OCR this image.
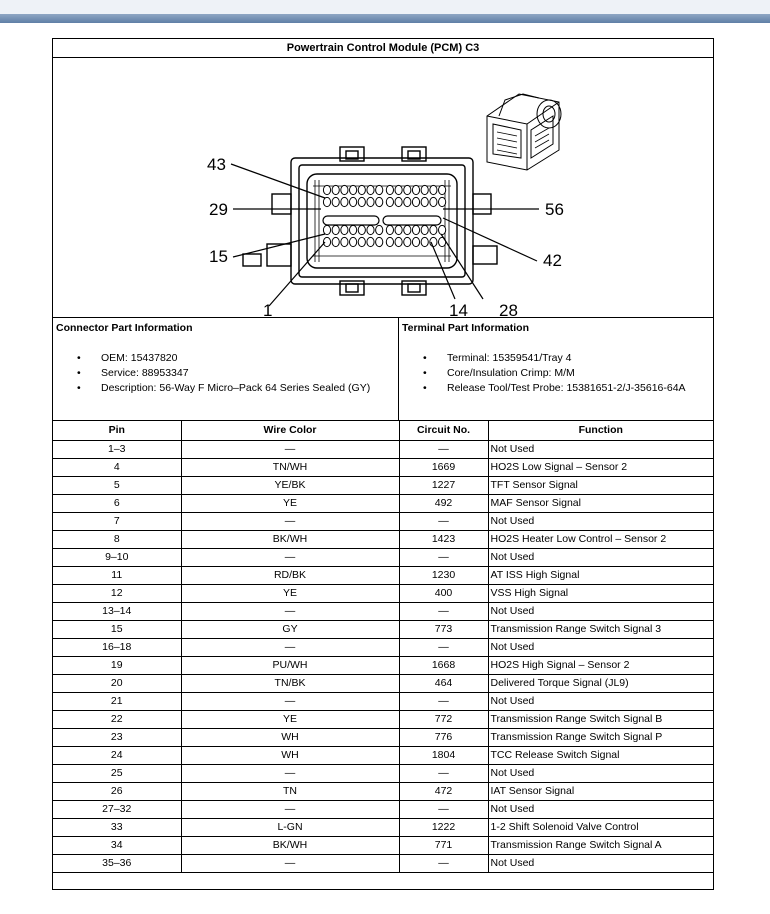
Powertrain Control Module (PCM) C3
43
29
15
1	14 28
42
56
Connector Part Information
• OEM: 15437820
• Service: 88953347
• Description: 56-Way F Micro–Pack 64 Series Sealed (GY)
Terminal Part Information
• Terminal: 15359541/Tray 4
• Core/Insulation Crimp: M/M
• Release Tool/Test Probe: 15381651-2/J-35616-64A
Pin	Wire Color	Circuit No.	Function
1–3	—	—	Not Used
4	TN/WH	1669	HO2S Low Signal – Sensor 2
5	YE/BK	1227	TFT Sensor Signal
6	YE	492	MAF Sensor Signal
7	—	—	Not Used
8	BK/WH	1423	HO2S Heater Low Control – Sensor 2
9–10	—	—	Not Used
11	RD/BK	1230	AT ISS High Signal
12	YE	400	VSS High Signal
13–14	—	—	Not Used
15	GY	773	Transmission Range Switch Signal 3
16–18	—	—	Not Used
19	PU/WH	1668	HO2S High Signal – Sensor 2
20	TN/BK	464	Delivered Torque Signal (JL9)
21	—	—	Not Used
22	YE	772	Transmission Range Switch Signal B
23	WH	776	Transmission Range Switch Signal P
24	WH	1804	TCC Release Switch Signal
25	—	—	Not Used
26	TN	472	IAT Sensor Signal
27–32	—	—	Not Used
33	L-GN	1222	1-2 Shift Solenoid Valve Control
34	BK/WH	771	Transmission Range Switch Signal A
35–36	—	—	Not Used
